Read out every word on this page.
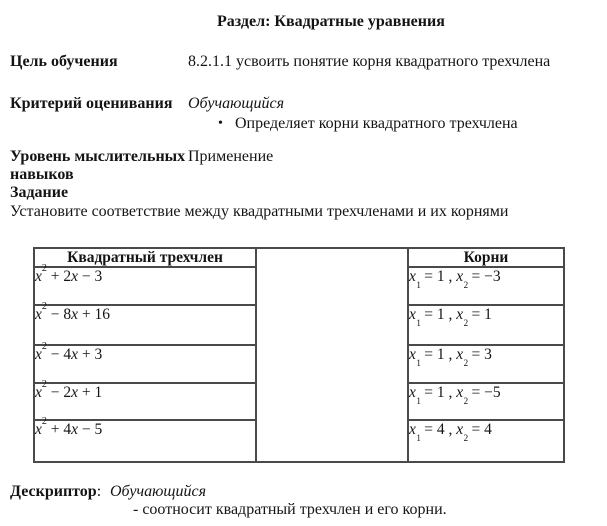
Раздел: Квадратные уравнения
Цель обучения	8.2.1.1 усвоить понятие корня квадратного трехчлена
Критерий оценивания Обучающийся
• Определяет корни квадратного трехчлена
Уровень мыслительных навыков
Применение
Задание
Установите соответствие между квадратными трехчленами и их корнями
Квадратный трехчлен		Корни
$x^2 + 2x - 3$		$x_1 = 1$ , $x_2 = -3$
$x^2 - 8x + 16$		$x_1 = 1$ , $x_2 = 1$
$x^2 - 4x + 3$		$x_1 = 1$ , $x_2 = 3$
$x^2 - 2x + 1$		$x_1 = 1$ , $x_2 = -5$
$x^2 + 4x - 5$		$x_1 = 4$ , $x_2 = 4$
Дескриптор: Обучающийся
- соотносит квадратный трехчлен и его корни.
